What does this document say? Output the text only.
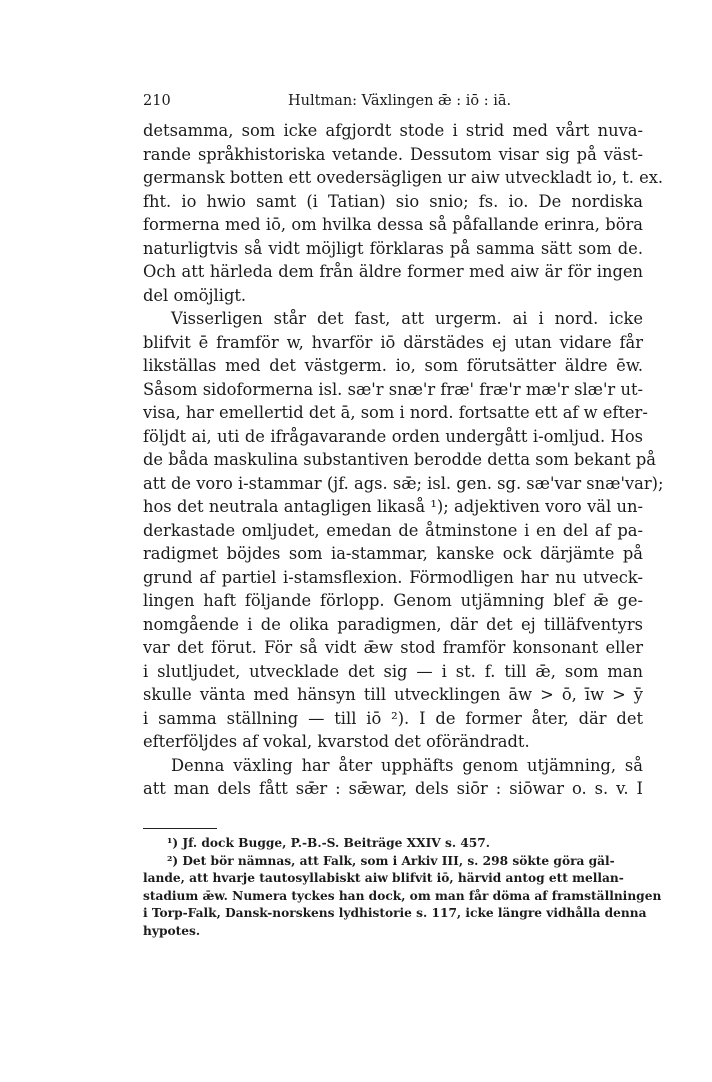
210	Hultman: Växlingen ǣ : iō : iā.
detsamma, som icke afgjordt stode i strid med vårt nuva-
rande språkhistoriska vetande. Dessutom visar sig på väst-
germansk botten ett ovedersägligen ur aiw utveckladt io, t. ex.
fht. io hwio samt (i Tatian) sio snio; fs. io. De nordiska
formerna med iō, om hvilka dessa så påfallande erinra, böra
naturligtvis så vidt möjligt förklaras på samma sätt som de.
Och att härleda dem från äldre former med aiw är för ingen
del omöjligt.
Visserligen står det fast, att urgerm. ai i nord. icke
blifvit ē framför w, hvarför iō därstädes ej utan vidare får
likställas med det västgerm. io, som förutsätter äldre ēw.
Såsom sidoformerna isl. sæ'r snæ'r fræ' fræ'r mæ'r slæ'r ut-
visa, har emellertid det ā, som i nord. fortsatte ett af w efter-
följdt ai, uti de ifrågavarande orden undergått i-omljud. Hos
de båda maskulina substantiven berodde detta som bekant på
att de voro i-stammar (jf. ags. sǣ; isl. gen. sg. sæ'var snæ'var);
hos det neutrala antagligen likaså ¹); adjektiven voro väl un-
derkastade omljudet, emedan de åtminstone i en del af pa-
radigmet böjdes som ia-stammar, kanske ock därjämte på
grund af partiel i-stamsflexion. Förmodligen har nu utveck-
lingen haft följande förlopp. Genom utjämning blef ǣ ge-
nomgående i de olika paradigmen, där det ej tilläfventyrs
var det förut. För så vidt ǣw stod framför konsonant eller
i slutljudet, utvecklade det sig — i st. f. till ǣ, som man
skulle vänta med hänsyn till utvecklingen āw > ō, īw > ȳ
i samma ställning — till iō ²). I de former åter, där det
efterföljdes af vokal, kvarstod det oförändradt.
Denna växling har åter upphäfts genom utjämning, så
att man dels fått sǣr : sǣwar, dels siōr : siōwar o. s. v. I
¹) Jf. dock Bugge, P.-B.-S. Beiträge XXIV s. 457.
²) Det bör nämnas, att Falk, som i Arkiv III, s. 298 sökte göra gäl-
lande, att hvarje tautosyllabiskt aiw blifvit iō, härvid antog ett mellan-
stadium ǣw. Numera tyckes han dock, om man får döma af framställningen
i Torp-Falk, Dansk-norskens lydhistorie s. 117, icke längre vidhålla denna
hypotes.
